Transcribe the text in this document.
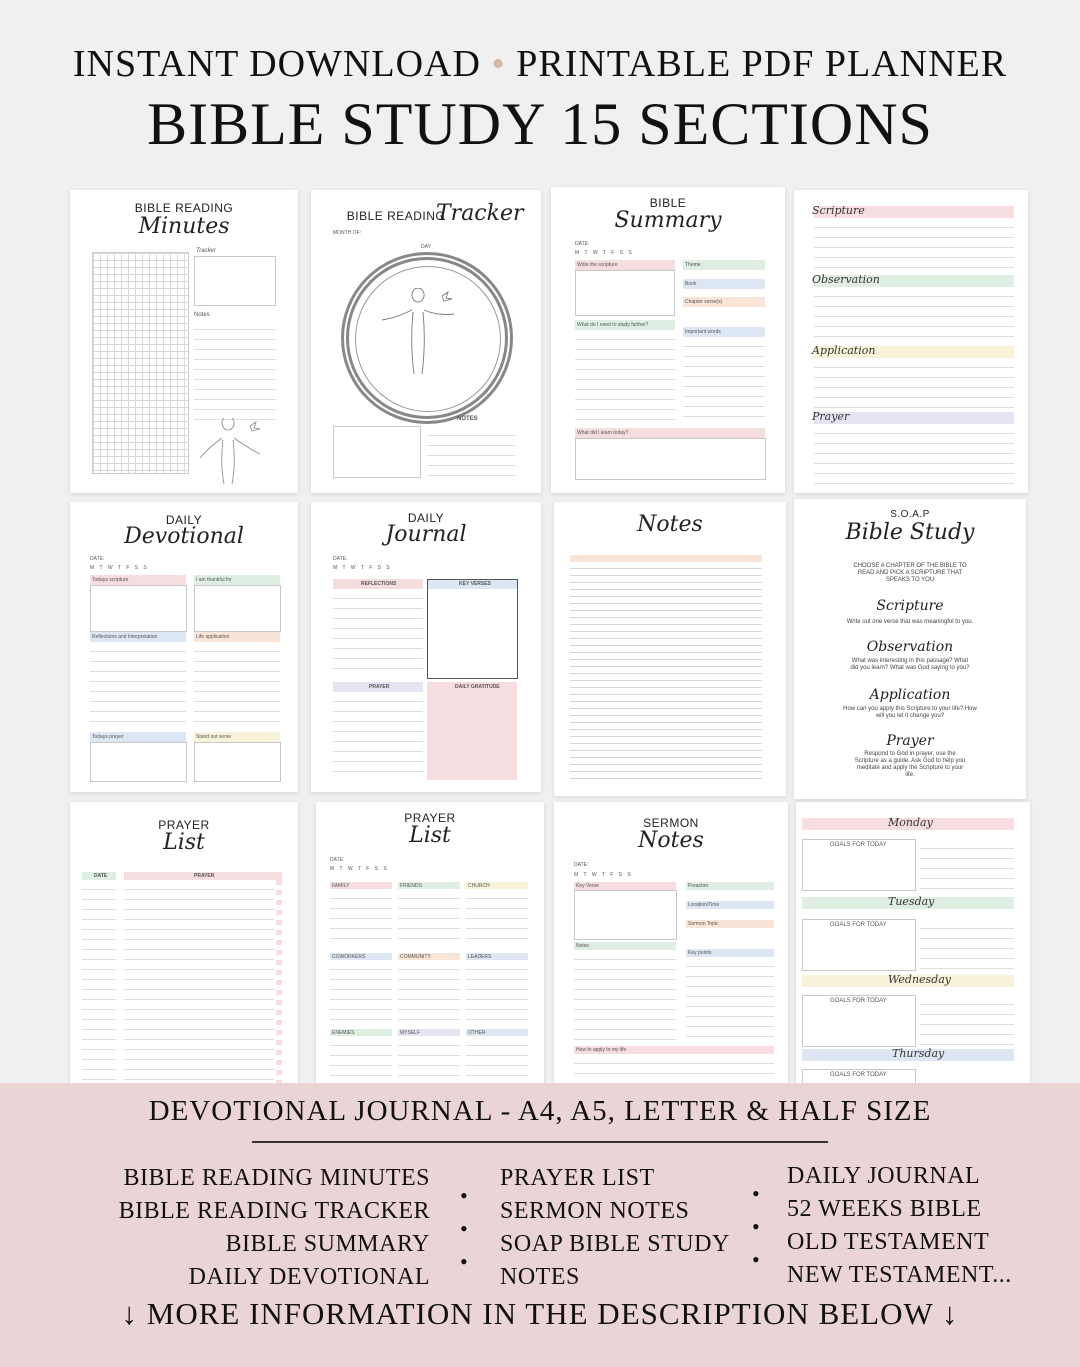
INSTANT DOWNLOAD • PRINTABLE PDF PLANNER
BIBLE STUDY 15 SECTIONS
BIBLE READING
Minutes
Tracker
Notes
BIBLE READING
Tracker
MONTH OF:
DAY
NOTES
BIBLE
Summary
DATE:
M T W T F S S
Write the scripture	Theme
Book
Chapter verse(s)
What do I need to study further?
Important words
What did I learn today?
Scripture
Observation
Application
Prayer
DAILY
Devotional
DATE:
M T W T F S S
Todays scripture	I am thankful for
Reflections and Interpretation	Life application
Todays prayer	Stand out verse
DAILY
Journal
DATE:
M T W T F S S
REFLECTIONS	KEY VERSES
PRAYER	DAILY GRATITUDE
Notes	S.O.A.P
Bible Study
CHOOSE A CHAPTER OF THE BIBLE TO READ AND PICK A SCRIPTURE THAT SPEAKS TO YOU
Scripture
Write out one verse that was meaningful to you.
Observation
What was interesting in this passage? What did you learn? What was God saying to you?
Application
How can you apply this Scripture to your life? How will you let it change you?
Prayer
Respond to God in prayer, use the Scripture as a guide. Ask God to help you meditate and apply the Scripture to your life.
PRAYER
List
DATE	PRAYER
PRAYER
List
DATE:
M T W T F S S
FAMILY	FRIENDS	CHURCH
COWORKERS	COMMUNITY	LEADERS
ENEMIES	MYSELF	OTHER
SERMON
Notes
DATE:
M T W T F S S
Key Verse	Preacher
Location/Time
Sermon Topic
Notes
Key points
How to apply to my life
Monday
GOALS FOR TODAY
Tuesday
GOALS FOR TODAY
Wednesday
GOALS FOR TODAY
Thursday
GOALS FOR TODAY
DEVOTIONAL JOURNAL - A4, A5, LETTER & HALF SIZE
BIBLE READING MINUTES
BIBLE READING TRACKER
BIBLE SUMMARY
DAILY DEVOTIONAL
•
•
•
PRAYER LIST
SERMON NOTES
SOAP BIBLE STUDY
NOTES
•
•
•
DAILY JOURNAL
52 WEEKS BIBLE
OLD TESTAMENT
NEW TESTAMENT...
↓ MORE INFORMATION IN THE DESCRIPTION BELOW ↓
